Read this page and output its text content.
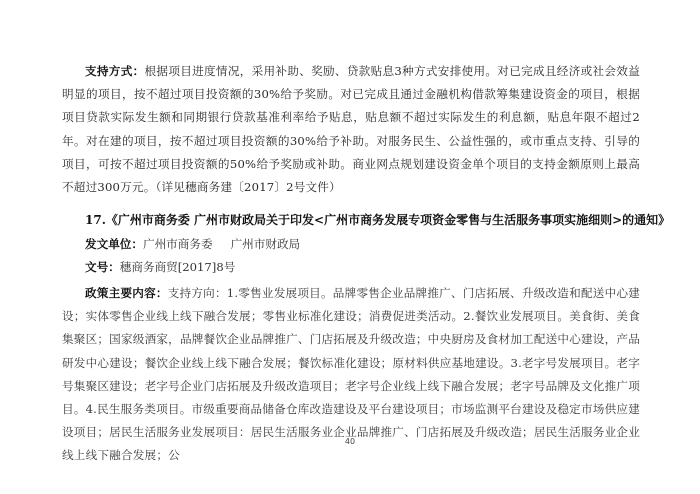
支持方式：根据项目进度情况，采用补助、奖励、贷款贴息3种方式安排使用。对已完成且经济或社会效益明显的项目，按不超过项目投资额的30%给予奖励。对已完成且通过金融机构借款筹集建设资金的项目，根据项目贷款实际发生额和同期银行贷款基准利率给予贴息，贴息额不超过实际发生的利息额，贴息年限不超过2年。对在建的项目，按不超过项目投资额的30%给予补助。对服务民生、公益性强的，或市重点支持、引导的项目，可按不超过项目投资额的50%给予奖励或补助。商业网点规划建设资金单个项目的支持金额原则上最高不超过300万元。（详见穗商务建〔2017〕2号文件）

17.《广州市商务委 广州市财政局关于印发<广州市商务发展专项资金零售与生活服务事项实施细则>的通知》

发文单位：广州市商务委 广州市财政局

文号：穗商务商贸[2017]8号

政策主要内容：支持方向：1.零售业发展项目。品牌零售企业品牌推广、门店拓展、升级改造和配送中心建设；实体零售企业线上线下融合发展；零售业标准化建设；消费促进类活动。2.餐饮业发展项目。美食街、美食集聚区；国家级酒家，品牌餐饮企业品牌推广、门店拓展及升级改造；中央厨房及食材加工配送中心建设，产品研发中心建设；餐饮企业线上线下融合发展；餐饮标准化建设；原材料供应基地建设。3.老字号发展项目。老字号集聚区建设；老字号企业门店拓展及升级改造项目；老字号企业线上线下融合发展；老字号品牌及文化推广项目。4.民生服务类项目。市级重要商品储备仓库改造建设及平台建设项目；市场监测平台建设及稳定市场供应建设项目；居民生活服务业发展项目：居民生活服务业企业品牌推广、门店拓展及升级改造；居民生活服务业企业线上线下融合发展；公

40
